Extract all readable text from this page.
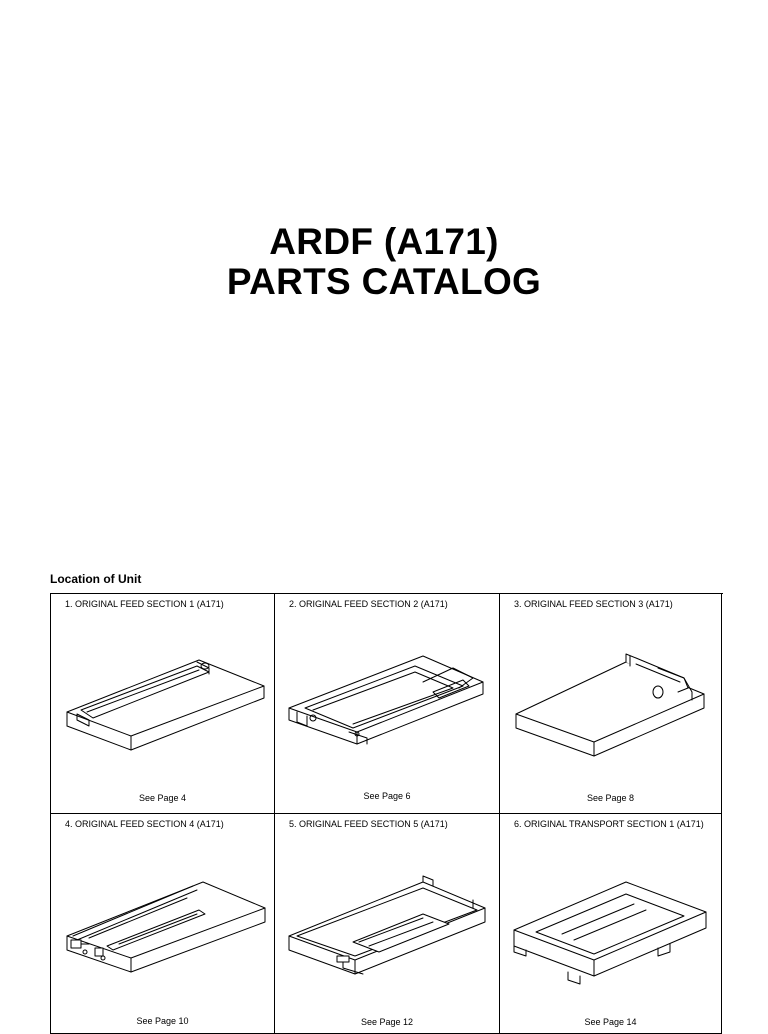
ARDF (A171)
PARTS CATALOG
Location of Unit
1. ORIGINAL FEED SECTION 1 (A171)
See Page 4
2. ORIGINAL FEED SECTION 2 (A171)
See Page 6
3. ORIGINAL FEED SECTION 3 (A171)
See Page 8
4. ORIGINAL FEED SECTION 4 (A171)
See Page 10
5. ORIGINAL FEED SECTION 5 (A171)
See Page 12
6. ORIGINAL TRANSPORT SECTION 1 (A171)
See Page 14
